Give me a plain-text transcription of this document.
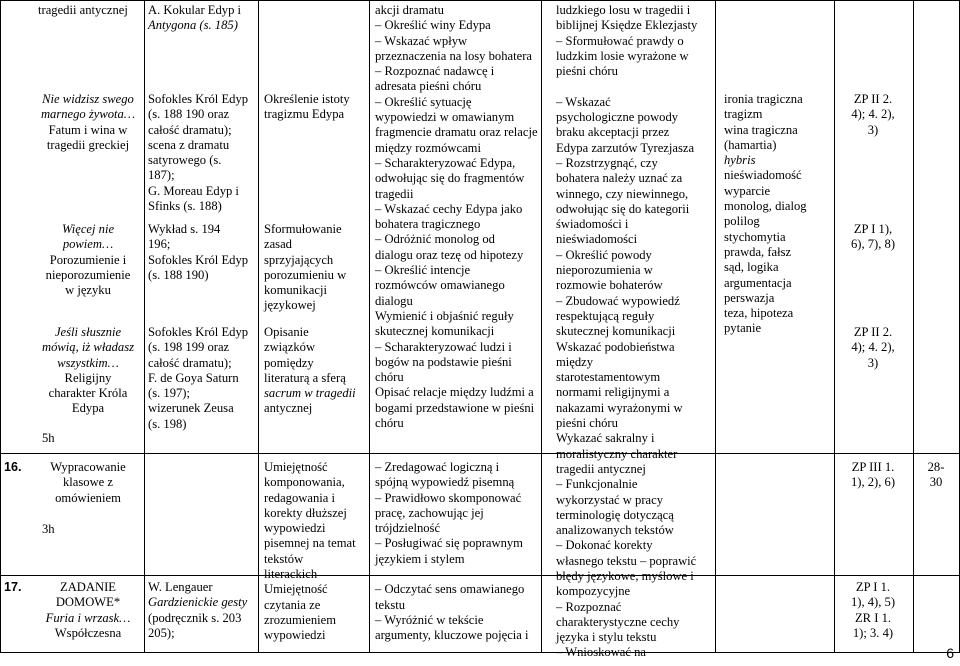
tragedii antycznej
Nie widzisz swego
marnego żywota…
Fatum i wina w
tragedii greckiej
Więcej nie
powiem…
Porozumienie i
nieporozumienie
w języku
Jeśli słusznie
mówią, iż władasz
wszystkim…
Religijny
charakter Króla
Edypa
5h
16.	Wypracowanie
klasowe z
omówieniem
3h
17.	ZADANIE
DOMOWE*
Furia i wrzask…
Współczesna
A. Kokular Edyp i
Antygona (s. 185)
Sofokles Król Edyp
(s. 188 190 oraz
całość dramatu);
scena z dramatu
satyrowego (s.
187);
G. Moreau Edyp i
Sfinks (s. 188)
Wykład s. 194
196;
Sofokles Król Edyp
(s. 188 190)
Sofokles Król Edyp
(s. 198 199 oraz
całość dramatu);
F. de Goya Saturn
(s. 197);
wizerunek Zeusa
(s. 198)
W. Lengauer
Gardzienickie gesty
(podręcznik s. 203
205);
Określenie istoty
tragizmu Edypa
Sformułowanie
zasad
sprzyjających
porozumieniu w
komunikacji
językowej
Opisanie
związków
pomiędzy
literaturą a sferą
sacrum w tragedii
antycznej
Umiejętność
komponowania,
redagowania i
korekty dłuższej
wypowiedzi
pisemnej na temat
tekstów
literackich
Umiejętność
czytania ze
zrozumieniem
wypowiedzi
akcji dramatu
– Określić winy Edypa
– Wskazać wpływ
przeznaczenia na losy bohatera
– Rozpoznać nadawcę i
adresata pieśni chóru
– Określić sytuację
wypowiedzi w omawianym
fragmencie dramatu oraz relacje
między rozmówcami
– Scharakteryzować Edypa,
odwołując się do fragmentów
tragedii
– Wskazać cechy Edypa jako
bohatera tragicznego
– Odróżnić monolog od
dialogu oraz tezę od hipotezy
– Określić intencje
rozmówców omawianego
dialogu
Wymienić i objaśnić reguły
skutecznej komunikacji
– Scharakteryzować ludzi i
bogów na podstawie pieśni
chóru
Opisać relacje między ludźmi a
bogami przedstawione w pieśni
chóru
– Zredagować logiczną i
spójną wypowiedź pisemną
– Prawidłowo skomponować
pracę, zachowując jej
trójdzielność
– Posługiwać się poprawnym
językiem i stylem
– Odczytać sens omawianego
tekstu
– Wyróżnić w tekście
argumenty, kluczowe pojęcia i
ludzkiego losu w tragedii i
biblijnej Księdze Eklezjasty
– Sformułować prawdy o
ludzkim losie wyrażone w
pieśni chóru
– Wskazać
psychologiczne powody
braku akceptacji przez
Edypa zarzutów Tyrezjasza
– Rozstrzygnąć, czy
bohatera należy uznać za
winnego, czy niewinnego,
odwołując się do kategorii
świadomości i
nieświadomości
– Określić powody
nieporozumienia w
rozmowie bohaterów
– Zbudować wypowiedź
respektującą reguły
skutecznej komunikacji
Wskazać podobieństwa
między
starotestamentowym
normami religijnymi a
nakazami wyrażonymi w
pieśni chóru
Wykazać sakralny i
moralistyczny charakter
tragedii antycznej
– Funkcjonalnie
wykorzystać w pracy
terminologię dotyczącą
analizowanych tekstów
– Dokonać korekty
własnego tekstu – poprawić
błędy językowe, myślowe i
kompozycyjne
– Rozpoznać
charakterystyczne cechy
języka i stylu tekstu
– Wnioskować na
ironia tragiczna
tragizm
wina tragiczna
(hamartia)
hybris
nieświadomość
wyparcie
monolog, dialog
polilog
stychomytia
prawda, fałsz
sąd, logika
argumentacja
perswazja
teza, hipoteza
pytanie
ZP II 2.
4); 4. 2),
3)
ZP I 1),
6), 7), 8)
ZP II 2.
4); 4. 2),
3)
ZP III 1.
1), 2), 6)
ZP I 1.
1), 4), 5)
ZR I 1.
1); 3. 4)
28-
30
6
